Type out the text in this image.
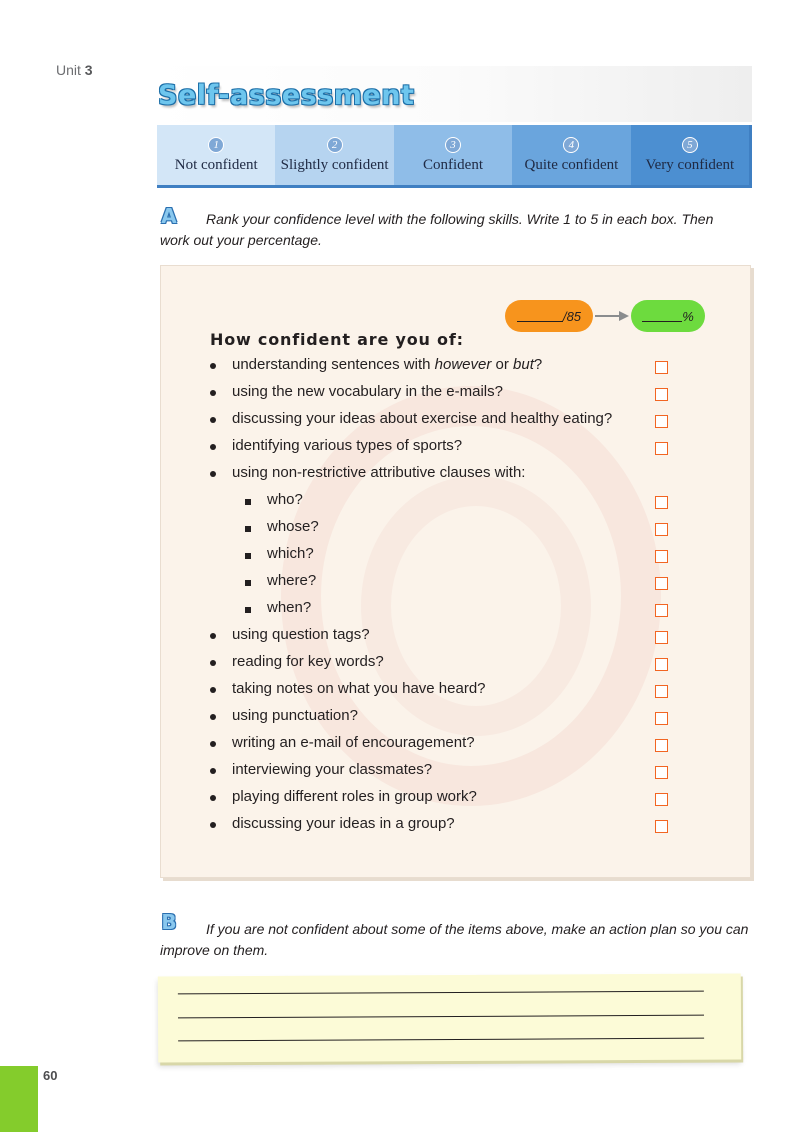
Unit 3
Self-assessment
1
Not confident
2
Slightly confident
3
Confident
4
Quite confident
5
Very confident
A	Rank your confidence level with the following skills. Write 1 to 5 in each box. Then work out your percentage.
/85	%
How confident are you of:
understanding sentences with however or but?
using the new vocabulary in the e-mails?
discussing your ideas about exercise and healthy eating?
identifying various types of sports?
using non-restrictive attributive clauses with:
who?
whose?
which?
where?
when?
using question tags?
reading for key words?
taking notes on what you have heard?
using punctuation?
writing an e-mail of encouragement?
interviewing your classmates?
playing different roles in group work?
discussing your ideas in a group?
B	If you are not confident about some of the items above, make an action plan so you can improve on them.
60
